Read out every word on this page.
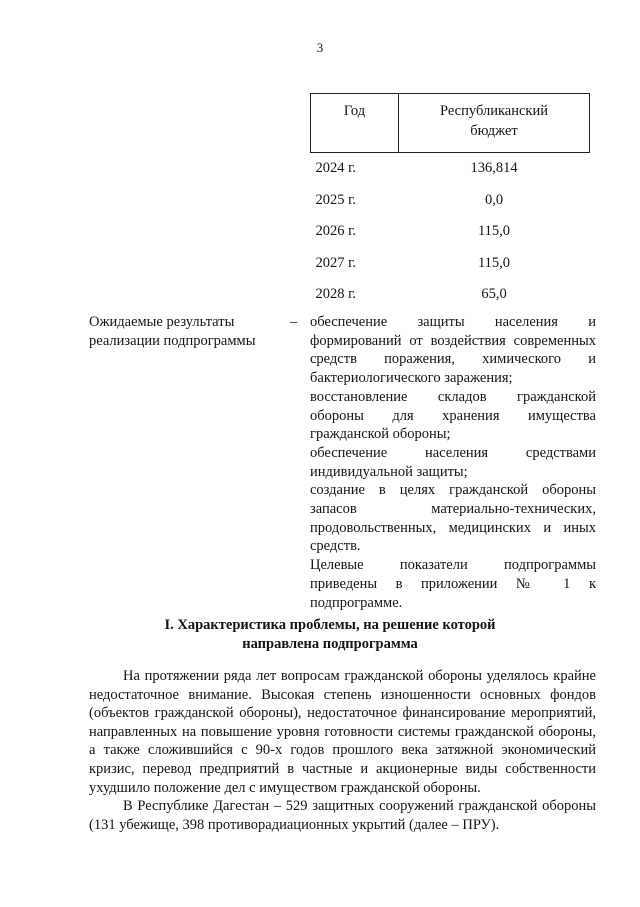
3
Год	Республиканский
бюджет
2024 г.	136,814
2025 г.	0,0
2026 г.	115,0
2027 г.	115,0
2028 г.	65,0
Ожидаемые результаты
реализации подпрограммы
– обеспечение защиты населения и формирований от воздействия современных средств поражения, химического и бактериологического заражения;

восстановление складов гражданской обороны для хранения имущества гражданской обороны;

обеспечение населения средствами индивидуальной защиты;

создание в целях гражданской обороны запасов материально-технических, продовольственных, медицинских и иных средств.

Целевые показатели подпрограммы приведены в приложении № 1 к подпрограмме.

I. Характеристика проблемы, на решение которой
направлена подпрограмма

На протяжении ряда лет вопросам гражданской обороны уделялось крайне недостаточное внимание. Высокая степень изношенности основных фондов (объектов гражданской обороны), недостаточное финансирование мероприятий, направленных на повышение уровня готовности системы гражданской обороны, а также сложившийся с 90-х годов прошлого века затяжной экономический кризис, перевод предприятий в частные и акционерные виды собственности ухудшило положение дел с имуществом гражданской обороны.

В Республике Дагестан – 529 защитных сооружений гражданской обороны (131 убежище, 398 противорадиационных укрытий (далее – ПРУ).
